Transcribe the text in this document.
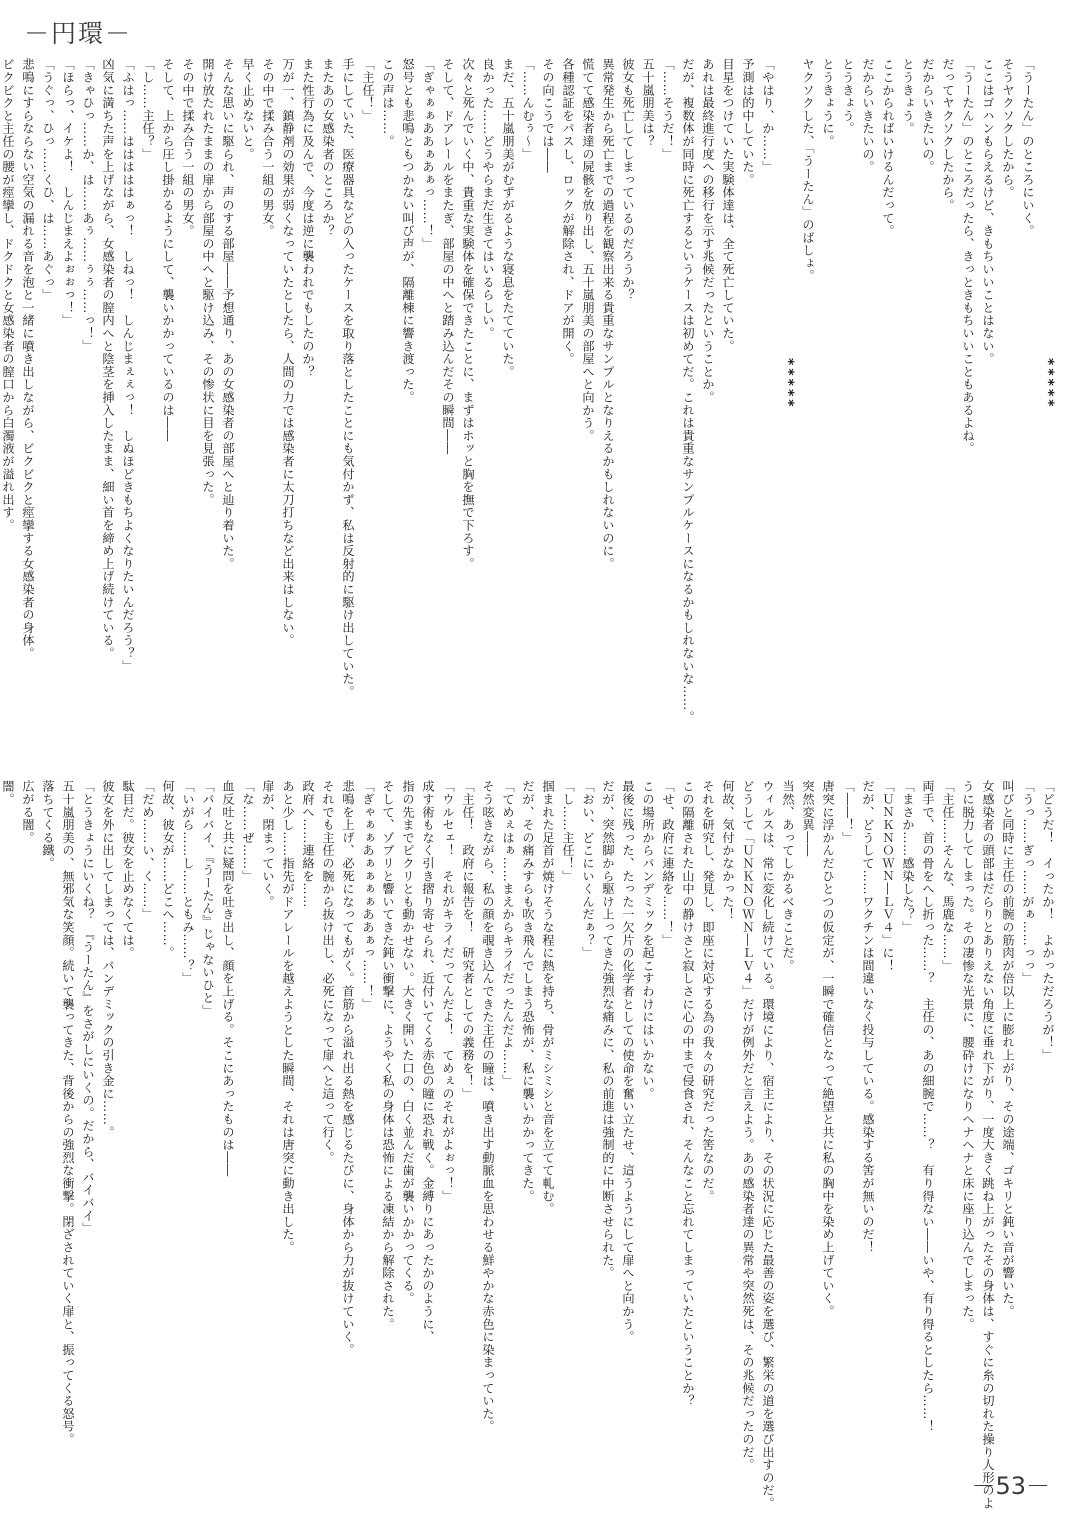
－円環－
*****
「うーたん」のところにいく。
そうヤクソクしたから。
ここはゴハンもらえるけど、きもちいいことはない。
「うーたん」のところだったら、きっときもちいいこともあるよね。
だってヤクソクしたから。
だからいきたいの。
とうきょう。
ここからればいけるんだって。
だからいきたいの。
とうきょう。
とうきょうに。
ヤクソクした、「うーたん」のばしょ。
*****
「やはり、か……」
予測は的中していた。
目星をつけていた実験体達は、全て死亡していた。
あれは最終進行度への移行を示す兆候だったということか。
だが、複数体が同時に死亡するというケースは初めてだ。これは貴重なサンプルケースになるかもしれないな……。
「……そうだ！」
五十嵐朋美は？
彼女も死亡してしまっているのだろうか？
異常発生から死亡までの過程を観察出来る貴重なサンプルとなりえるかもしれないのに。
慌てて感染者達の屍骸を放り出し、五十嵐朋美の部屋へと向かう。
各種認証をパスし、ロックが解除され、ドアが開く。
その向こうでは――
「……んむぅ～」
まだ、五十嵐朋美がむずがるような寝息をたてていた。
良かった……どうやらまだ生きてはいるらしい。
次々と死んでいく中、貴重な実験体を確保できたことに、まずはホッと胸を撫で下ろす。
そして、ドアレールをまたぎ、部屋の中へと踏み込んだその瞬間――
「ぎゃぁぁああぁあぁっ……！」
怒号とも悲鳴ともつかない叫び声が、隔離棟に響き渡った。
この声は……。
「主任！」
手にしていた、医療器具などの入ったケースを取り落としたことにも気付かず、私は反射的に駆け出していた。
またあの女感染者のところか？
また性行為に及んで、今度は逆に襲われでもしたのか？
万が一、鎮静剤の効果が弱くなっていたとしたら、人間の力では感染者に太刀打ちなど出来はしない。
その中で揉み合う一組の男女。
早く止めないと。
そんな思いに駆られ、声のする部屋――予想通り、あの女感染者の部屋へと辿り着いた。
開け放たれたままの扉から部屋の中へと駆け込み、その惨状に目を見張った。
その中で揉み合う一組の男女。
そして、上から圧し掛かるようにして、襲いかかっているのは――
「し……主任？」
「ふはっ……はははははぁっ！　しねっ！　しんじまぇぇっ！　しぬほどきもちよくなりたいんだろう？」
凶気に満ちた声を上げながら、女感染者の膣内へと陰茎を挿入したまま、細い首を締め上げ続けている。
「きゃひっ……か、は……あぅ……ぅぅ……っ！」
「ほらっ、イケよ！　しんじまえよぉぉっ！」
「うぐっ、ひっ……くひ、は……あぐっ」
悲鳴にすらならない空気の漏れる音を泡と一緒に噴き出しながら、ビクビクと痙攣する女感染者の身体。
ビクビクと主任の腰が痙攣し、ドクドクと女感染者の膣口から白濁液が溢れ出す。
「どうだ！　イったか！　よかっただろうが！」
「うっ……ぎっ……がぁ……っっ」
叫びと同時に主任の前腕の筋肉が倍以上に膨れ上がり、その途端、ゴキリと鈍い音が響いた。
女感染者の頭部はだらりとありえない角度に垂れ下がり、一度大きく跳ね上がったその身体は、すぐに糸の切れた操り人形のよ
うに脱力してしまった。その凄惨な光景に、腰砕けになりヘナヘナと床に座り込んでしまった。
「主任……そんな、馬鹿な……」
両手で、首の骨をへし折った……？　主任の、あの細腕で……？　有り得ない――いや、有り得るとしたら……！
「まさか……感染した？」
「ＵＮＫＮＯＷＮ―ＬＶ４」に！
だが、どうして……ワクチンは間違いなく投与している。感染する筈が無いのだ！
「――！」
唐突に浮かんだひとつの仮定が、一瞬で確信となって絶望と共に私の胸中を染め上げていく。
突然変異――
当然、あってしかるべきことだ。
ウィルスは、常に変化し続けている。環境により、宿主により、その状況に応じた最善の姿を選び、繁栄の道を選び出すのだ。
どうして「ＵＮＫＮＯＷＮ―ＬＶ４」だけが例外だと言えよう。あの感染者達の異常や突然死は、その兆候だったのだ。
何故、気付かなかった！
それを研究し、発見し、即座に対応する為の我々の研究だった筈なのだ。
この隔離された山中の静けさと寂しさに心の中まで侵食され、そんなこと忘れてしまっていたということか？
「せ、政府に連絡を……！」
この場所からパンデミックを起こすわけにはいかない。
最後に残った、たった一欠片の化学者としての使命を奮い立たせ、這うようにして扉へと向かう。
だが、突然脚から駆け上ってきた強烈な痛みに、私の前進は強制的に中断させられた。
「おい、どこにいくんだぁ？」
「し……主任！」
掴まれた足首が焼けそうな程に熱を持ち、骨がミシミシと音を立てて軋む。
だが、その痛みすらも吹き飛んでしまう恐怖が、私に襲いかかってきた。
「てめぇはぁ……まえからキライだったんだよ……」
そう呟きながら、私の顔を覗き込んできた主任の瞳は、噴き出す動脈血を思わせる鮮やかな赤色に染まっていた。
「主任！　政府に報告を！　研究者としての義務を！」
「ウルセェ！　それがキライだってんだよ！　てめぇのそれがよぉっ！」
成す術もなく引き摺り寄せられ、近付いてくる赤色の瞳に恐れ戦く。金縛りにあったかのように、
指の先までピクリとも動かせない。大きく開いた口の、白く並んだ歯が襲いかかってくる。
そして、ゾブリと響いてきた鈍い衝撃に、ようやく私の身体は恐怖による凍結から解除された。
「ぎゃぁぁあぁぁぁぁああぁっ……！」
悲鳴を上げ、必死になってもがく。首筋から溢れ出る熱を感じるたびに、身体から力が抜けていく。
それでも主任の腕から抜け出し、必死になって扉へと這って行く。
政府へ……連絡を……
あと少し……指先がドアレールを越えようとした瞬間、それは唐突に動き出した。
扉が、閉まっていく。
「な……ぜ……」
血反吐と共に疑問を吐き出し、顔を上げる。そこにあったものは――
「バイバイ、『うーたん』じゃないひと」
「いがら……し……ともみ……？」
何故、彼女が……どこへ……。
「だめ……い、く……」
駄目だ。彼女を止めなくては。
彼女を外に出してしまっては、パンデミックの引き金に……。
「とうきょうにいくね？　『うーたん』をさがしにいくの。だから、バイバイ」
五十嵐朋美の、無邪気な笑顔。続いて襲ってきた、背後からの強烈な衝撃。閉ざされていく扉と、振ってくる怒号。
落ちてくる鐵。
広がる闇。
闇。
－53－
